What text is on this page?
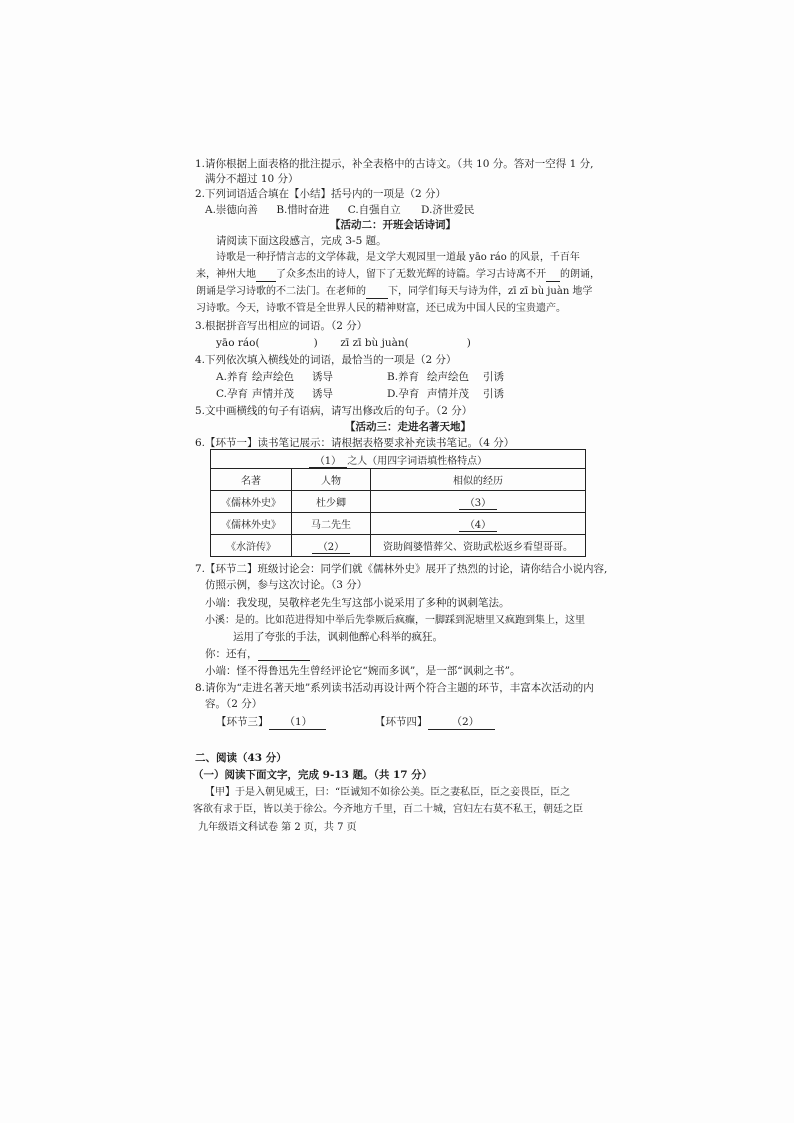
1.请你根据上面表格的批注提示，补全表格中的古诗文。（共 10 分。答对一空得 1 分,
满分不超过 10 分）
2.下列词语适合填在【小结】括号内的一项是（2 分）
A.崇德向善 B.惜时奋进 C.自强自立 D.济世爱民
【活动二：开班会话诗词】
请阅读下面这段感言，完成 3-5 题。
诗歌是一种抒情言志的文学体裁，是文学大观园里一道最 yāo ráo 的风景，千百年
来，神州大地 了众多杰出的诗人，留下了无数光辉的诗篇。学习古诗离不开 的朗诵，
朗诵是学习诗歌的不二法门。在老师的 下，同学们每天与诗为伴，zī zī bù juàn 地学
习诗歌。今天，诗歌不管是全世界人民的精神财富，还已成为中国人民的宝贵遗产。
3.根据拼音写出相应的词语。（2 分）
yāo ráo(	) zī zī bù juàn(	)
4.下列依次填入横线处的词语，最恰当的一项是（2 分）
A.养育 绘声绘色 诱导	B.养育 绘声绘色 引诱
C.孕育 声情并茂 诱导	D.孕育 声情并茂 引诱
5.文中画横线的句子有语病，请写出修改后的句子。（2 分）
【活动三：走进名著天地】
6.【环节一】读书笔记展示：请根据表格要求补充读书笔记。（4 分）
（1） 之人（用四字词语填性格特点）		
名著	人物	相似的经历
《儒林外史》	杜少卿	（3）
《儒林外史》	马二先生	（4）
《水浒传》	（2）	资助阎婆惜葬父、资助武松返乡看望哥哥。
7.【环节二】班级讨论会：同学们就《儒林外史》展开了热烈的讨论，请你结合小说内容,
仿照示例，参与这次讨论。（3 分）
小端：我发现，吴敬梓老先生写这部小说采用了多种的讽刺笔法。
小溪：是的。比如范进得知中举后先拳厥后疯癫，一脚踩到泥塘里又疯跑到集上，这里
运用了夸张的手法，讽刺他醉心科举的疯狂。
你：还有，
小端：怪不得鲁迅先生曾经评论它“婉而多讽”，是一部“讽刺之书”。
8.请你为“走进名著天地”系列读书活动再设计两个符合主题的环节，丰富本次活动的内
容。（2 分）
【环节三】 （1）	【环节四】 （2）
二、阅读（43 分）
（一）阅读下面文字，完成 9-13 题。（共 17 分）
【甲】于是入朝见威王，曰：“臣诚知不如徐公美。臣之妻私臣，臣之妾畏臣，臣之
客欲有求于臣，皆以美于徐公。今齐地方千里，百二十城，宫妇左右莫不私王，朝廷之臣
九年级语文科试卷 第 2 页，共 7 页
